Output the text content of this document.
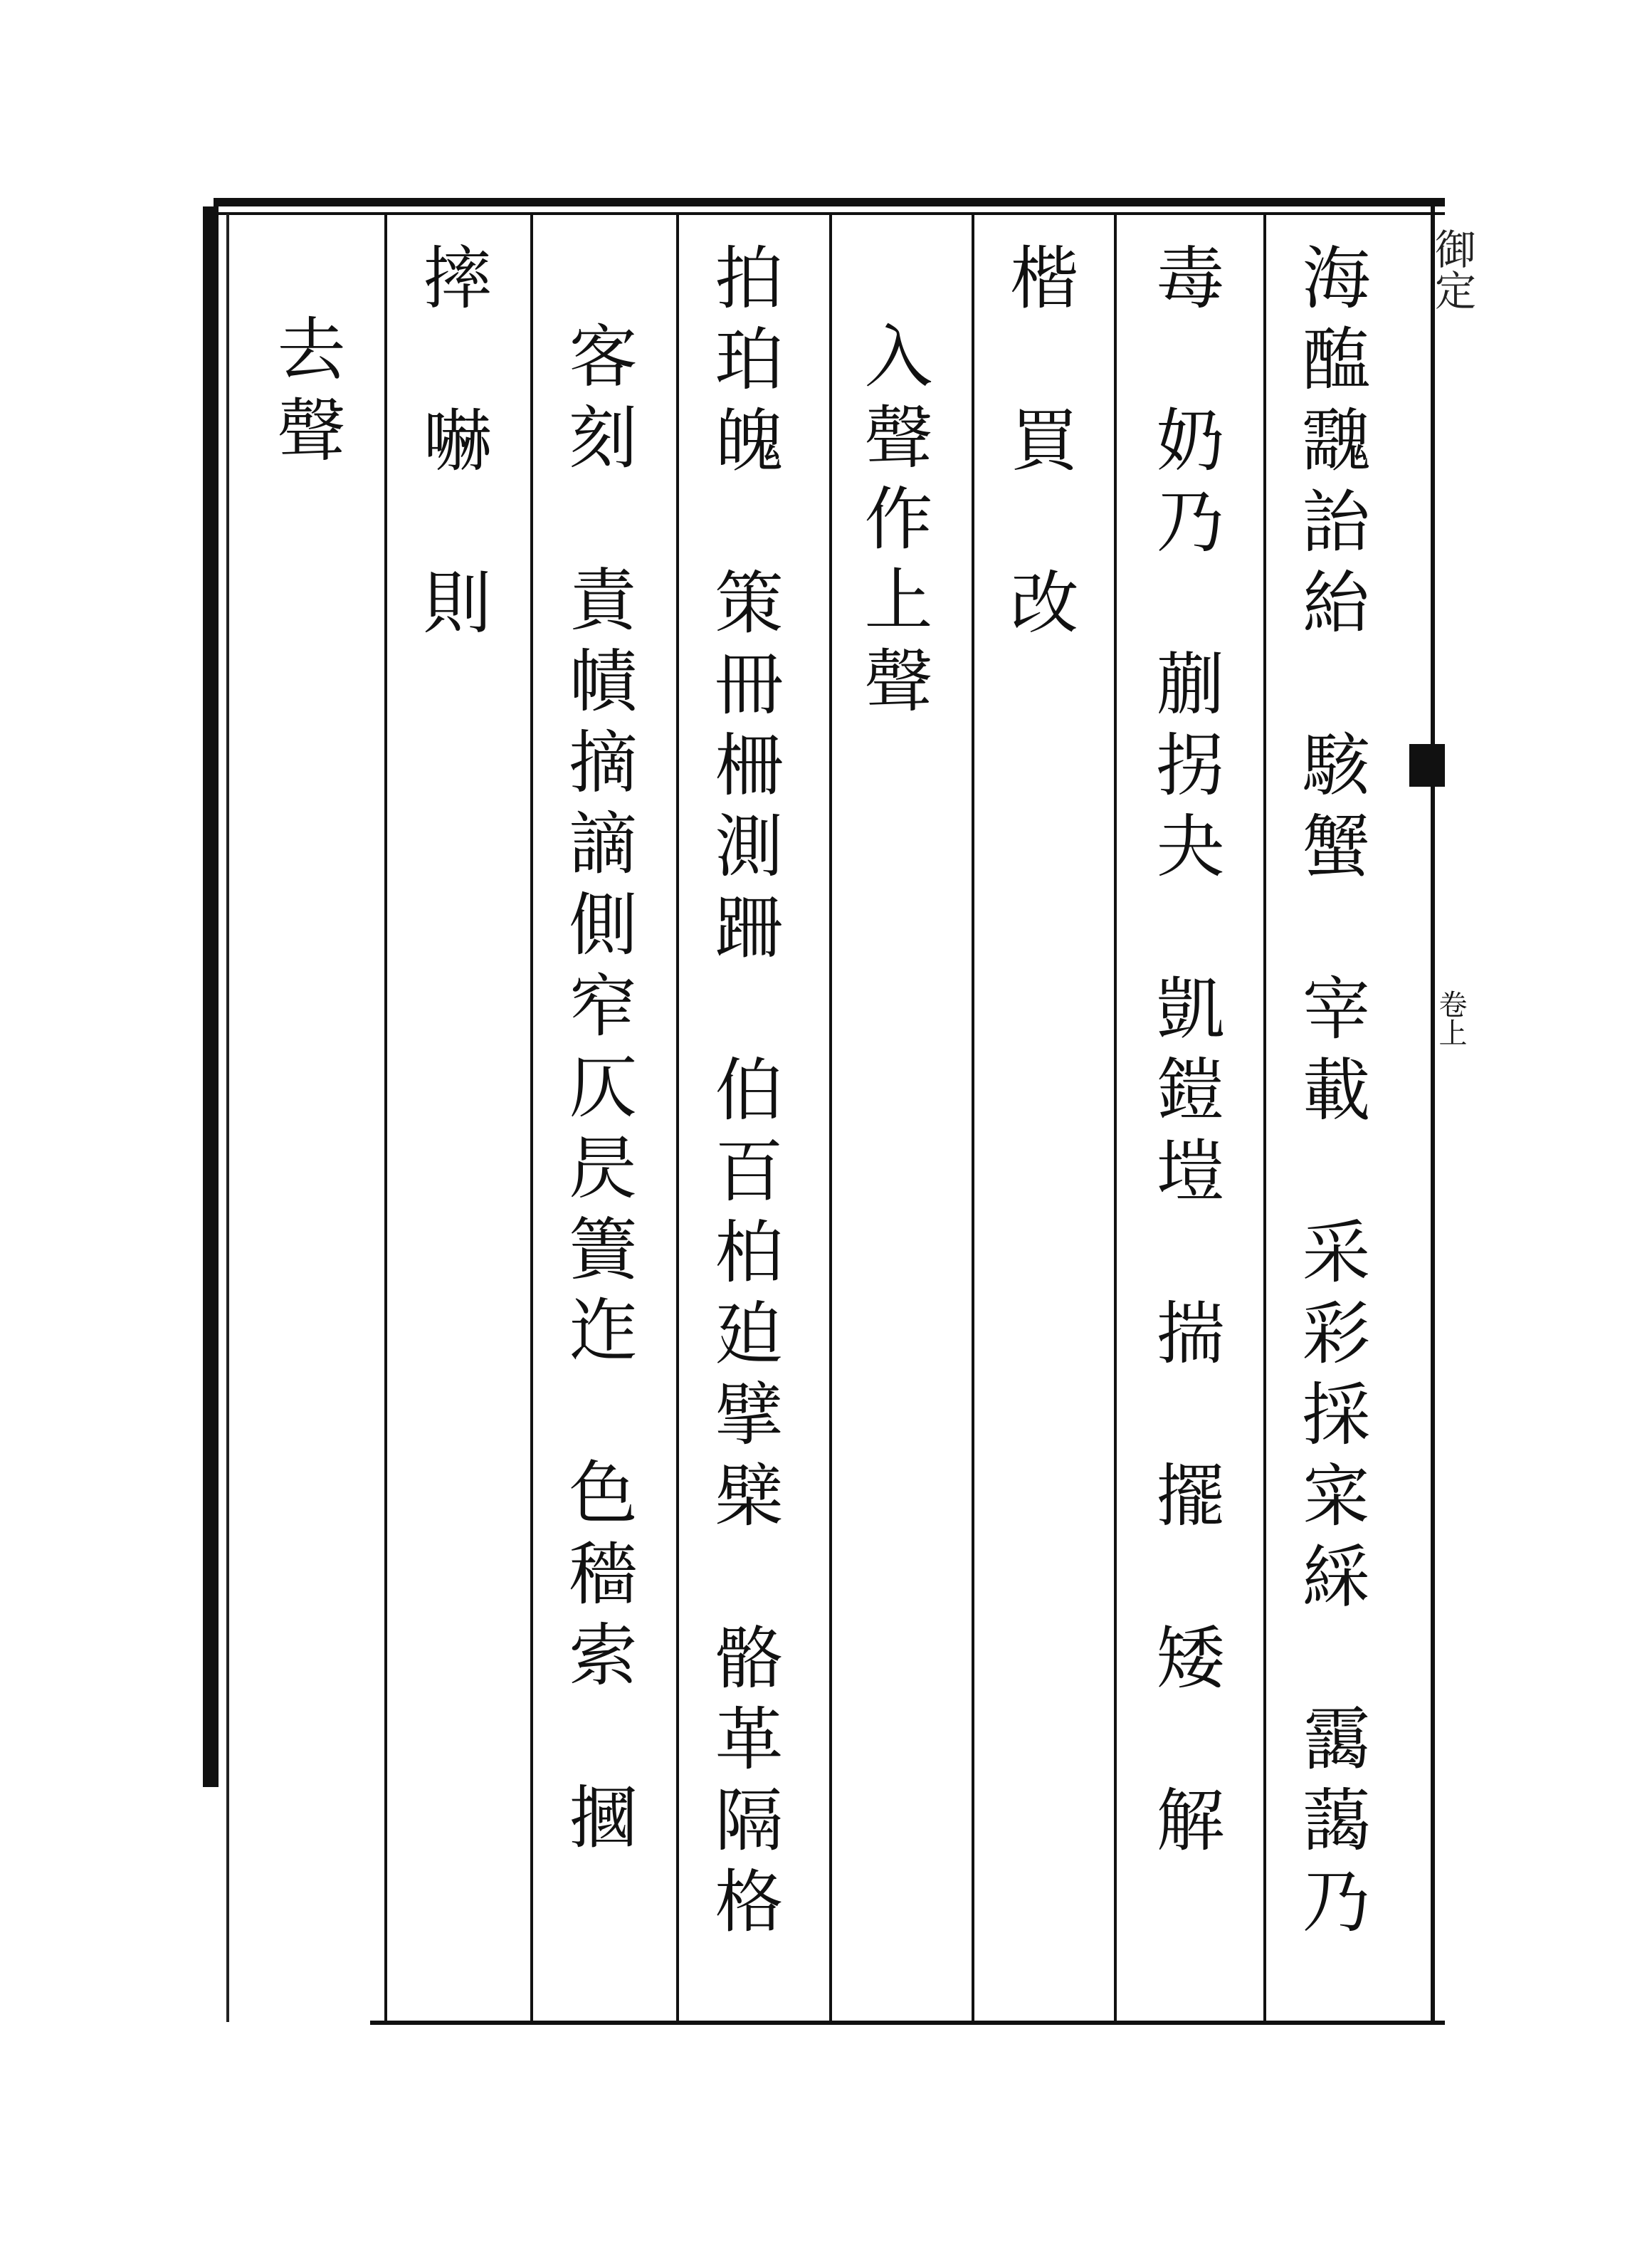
御定
卷上
海醢䰰詒紿　駭蟹　宰載　采彩採寀綵　靄藹乃
毒　奶乃　蒯拐夬　凱鎧塏　揣　擺　矮　解
楷　買　改
入聲作上聲
拍珀魄　策冊柵測跚　伯百柏廹擘檗　骼革隔格
客刻　責幘摘謫側窄仄昃簀迮　色穡索　摑
摔　嚇　則
去聲
